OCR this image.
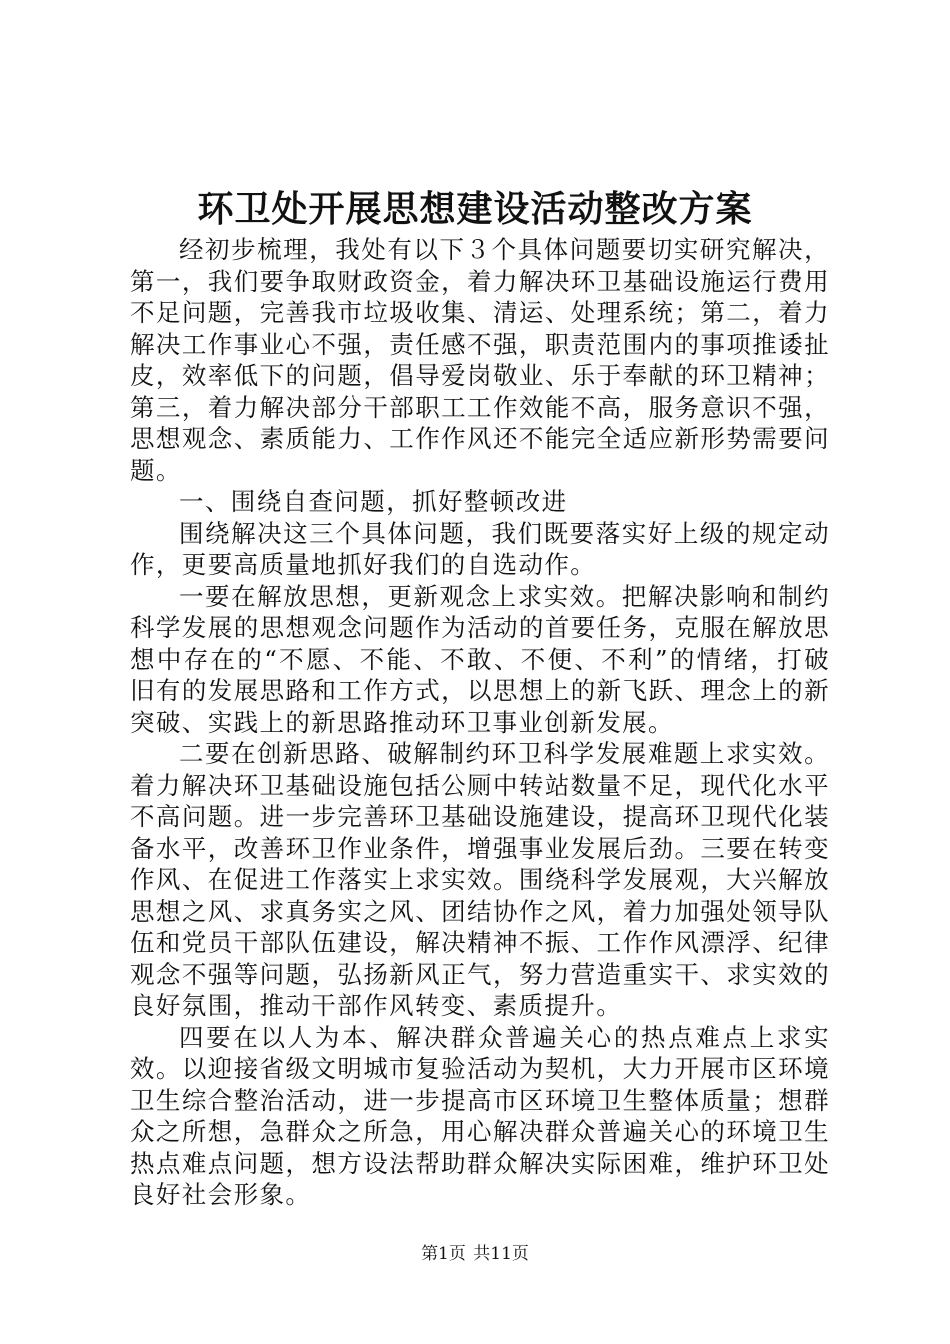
环卫处开展思想建设活动整改方案

经初步梳理，我处有以下３个具体问题要切实研究解决，第一，我们要争取财政资金，着力解决环卫基础设施运行费用不足问题，完善我市垃圾收集、清运、处理系统；第二，着力解决工作事业心不强，责任感不强，职责范围内的事项推诿扯皮，效率低下的问题，倡导爱岗敬业、乐于奉献的环卫精神；第三，着力解决部分干部职工工作效能不高，服务意识不强，思想观念、素质能力、工作作风还不能完全适应新形势需要问题。

一、围绕自查问题，抓好整顿改进

围绕解决这三个具体问题，我们既要落实好上级的规定动作，更要高质量地抓好我们的自选动作。

一要在解放思想，更新观念上求实效。把解决影响和制约科学发展的思想观念问题作为活动的首要任务，克服在解放思想中存在的“不愿、不能、不敢、不便、不利”的情绪，打破旧有的发展思路和工作方式，以思想上的新飞跃、理念上的新突破、实践上的新思路推动环卫事业创新发展。

二要在创新思路、破解制约环卫科学发展难题上求实效。着力解决环卫基础设施包括公厕中转站数量不足，现代化水平不高问题。进一步完善环卫基础设施建设，提高环卫现代化装备水平，改善环卫作业条件，增强事业发展后劲。三要在转变作风、在促进工作落实上求实效。围绕科学发展观，大兴解放思想之风、求真务实之风、团结协作之风，着力加强处领导队伍和党员干部队伍建设，解决精神不振、工作作风漂浮、纪律观念不强等问题，弘扬新风正气，努力营造重实干、求实效的良好氛围，推动干部作风转变、素质提升。

四要在以人为本、解决群众普遍关心的热点难点上求实效。以迎接省级文明城市复验活动为契机，大力开展市区环境卫生综合整治活动，进一步提高市区环境卫生整体质量；想群众之所想，急群众之所急，用心解决群众普遍关心的环境卫生热点难点问题，想方设法帮助群众解决实际困难，维护环卫处良好社会形象。

第1页 共11页
